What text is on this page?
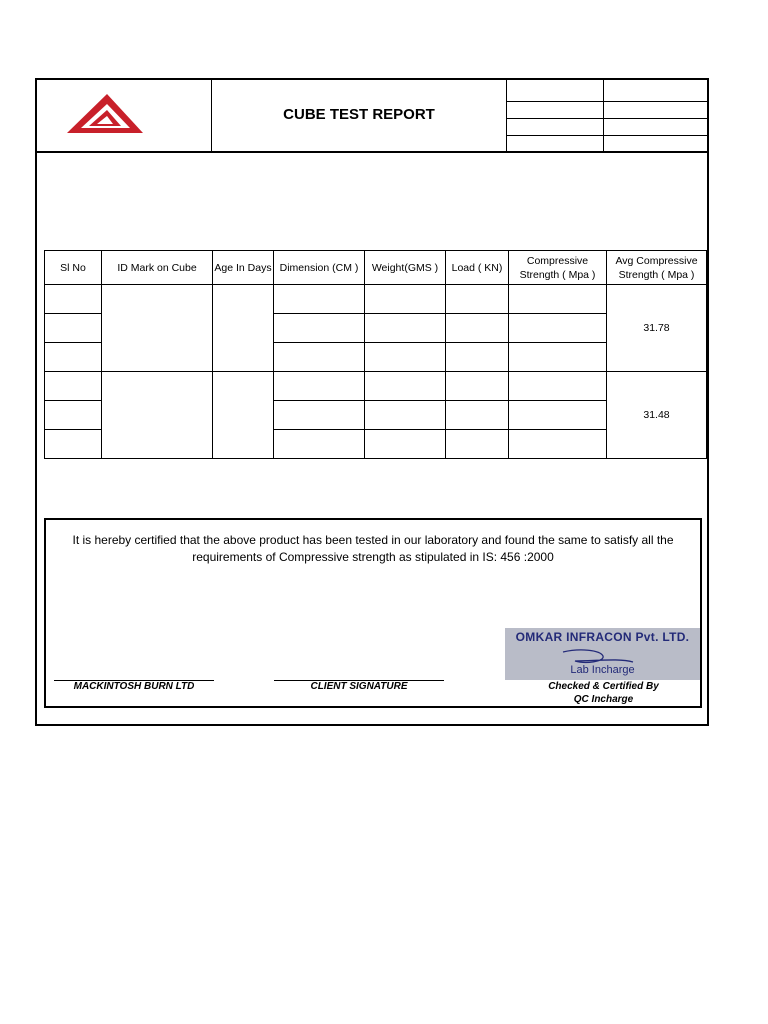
CUBE TEST REPORT
Sl No	ID Mark on Cube	Age In Days	Dimension (CM )	Weight(GMS )	Load ( KN)	Compressive Strength ( Mpa )	Avg Compressive Strength ( Mpa )
							31.78

							31.48

It is hereby certified that the above product has been tested in our laboratory and found the same to satisfy all the requirements of Compressive strength as stipulated in IS: 456 :2000
OMKAR INFRACON Pvt. LTD.
Lab Incharge
MACKINTOSH BURN LTD	CLIENT SIGNATURE	Checked & Certified By
QC Incharge
